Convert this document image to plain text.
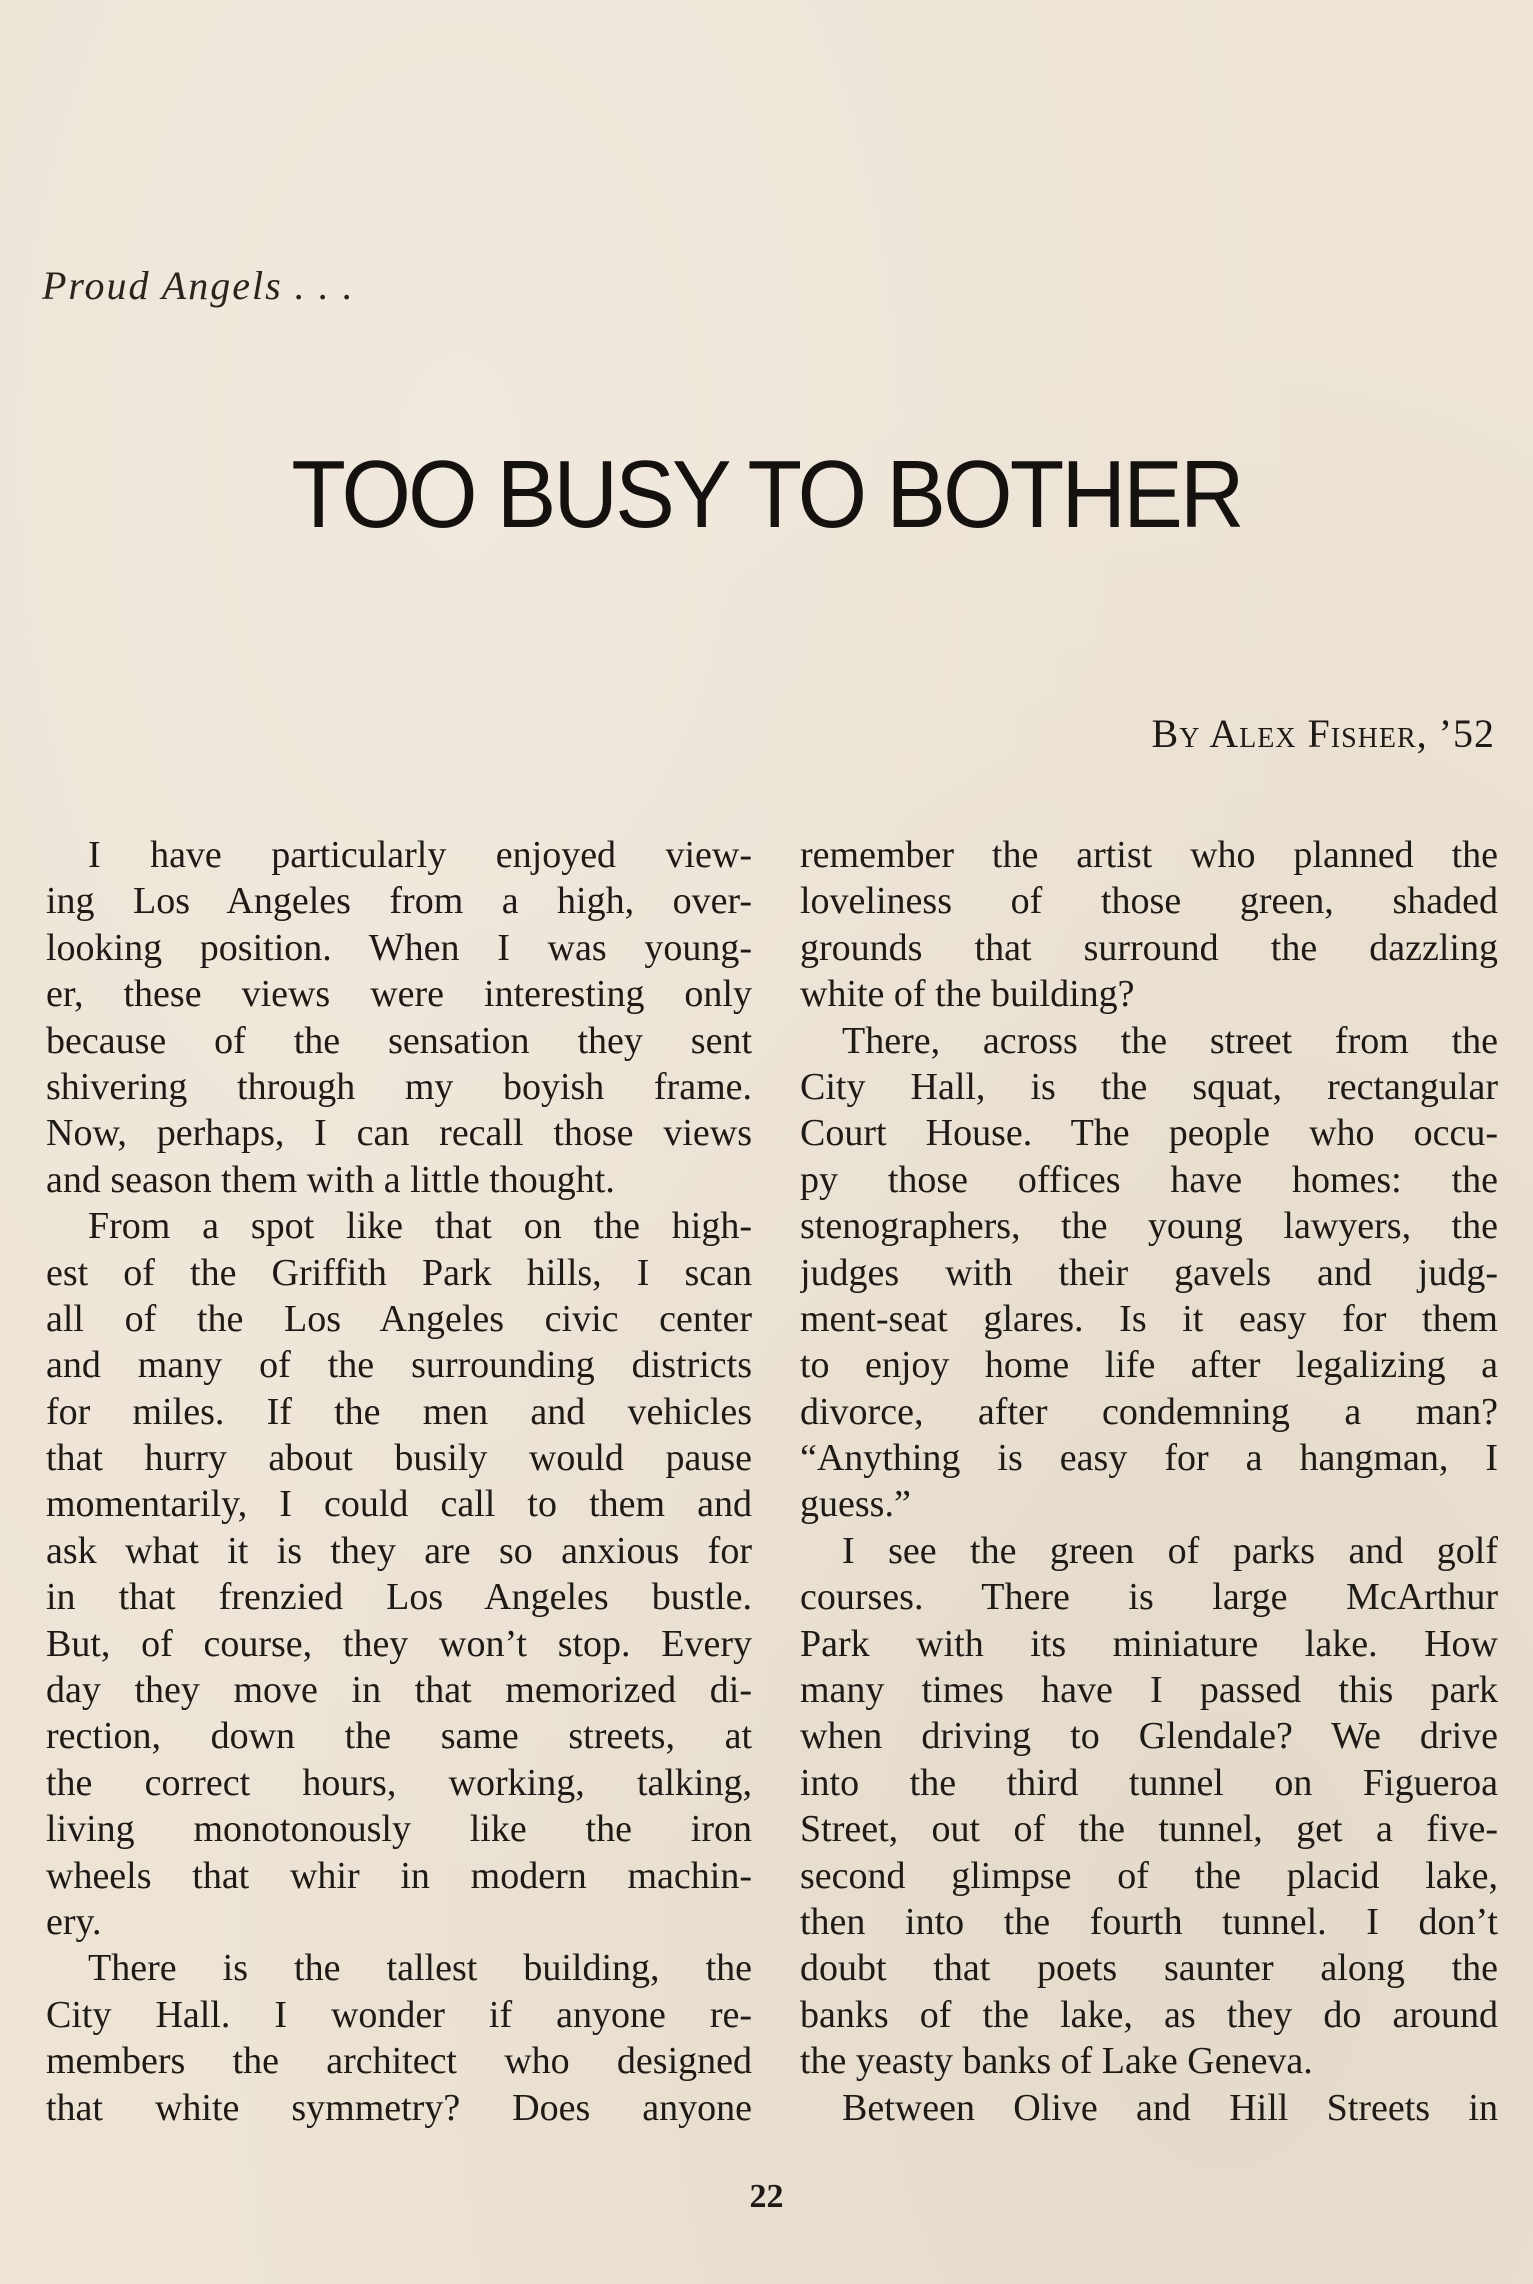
Proud Angels . . .
TOO BUSY TO BOTHER
By Alex Fisher, ’52
I have particularly enjoyed view-
ing Los Angeles from a high, over-
looking position. When I was young-
er, these views were interesting only
because of the sensation they sent
shivering through my boyish frame.
Now, perhaps, I can recall those views
and season them with a little thought.
From a spot like that on the high-
est of the Griffith Park hills, I scan
all of the Los Angeles civic center
and many of the surrounding districts
for miles. If the men and vehicles
that hurry about busily would pause
momentarily, I could call to them and
ask what it is they are so anxious for
in that frenzied Los Angeles bustle.
But, of course, they won’t stop. Every
day they move in that memorized di-
rection, down the same streets, at
the correct hours, working, talking,
living monotonously like the iron
wheels that whir in modern machin-
ery.
There is the tallest building, the
City Hall. I wonder if anyone re-
members the architect who designed
that white symmetry? Does anyone
remember the artist who planned the
loveliness of those green, shaded
grounds that surround the dazzling
white of the building?
There, across the street from the
City Hall, is the squat, rectangular
Court House. The people who occu-
py those offices have homes: the
stenographers, the young lawyers, the
judges with their gavels and judg-
ment-seat glares. Is it easy for them
to enjoy home life after legalizing a
divorce, after condemning a man?
“Anything is easy for a hangman, I
guess.”
I see the green of parks and golf
courses. There is large McArthur
Park with its miniature lake. How
many times have I passed this park
when driving to Glendale? We drive
into the third tunnel on Figueroa
Street, out of the tunnel, get a five-
second glimpse of the placid lake,
then into the fourth tunnel. I don’t
doubt that poets saunter along the
banks of the lake, as they do around
the yeasty banks of Lake Geneva.
Between Olive and Hill Streets in
22
